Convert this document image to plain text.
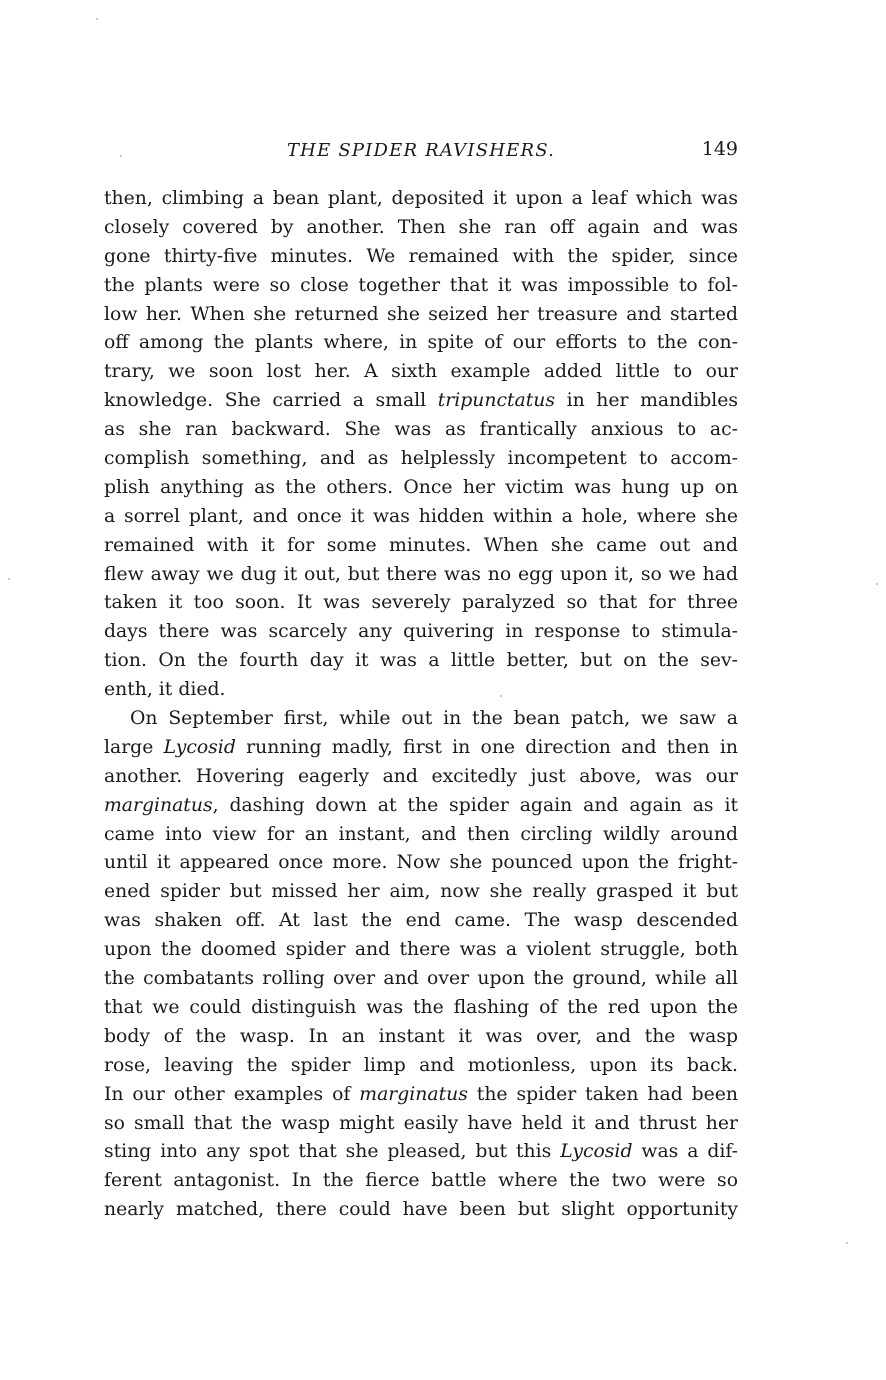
THE SPIDER RAVISHERS.	149
then, climbing a bean plant, deposited it upon a leaf which was
closely covered by another. Then she ran off again and was
gone thirty-five minutes. We remained with the spider, since
the plants were so close together that it was impossible to fol-
low her. When she returned she seized her treasure and started
off among the plants where, in spite of our efforts to the con-
trary, we soon lost her. A sixth example added little to our
knowledge. She carried a small tripunctatus in her mandibles
as she ran backward. She was as frantically anxious to ac-
complish something, and as helplessly incompetent to accom-
plish anything as the others. Once her victim was hung up on
a sorrel plant, and once it was hidden within a hole, where she
remained with it for some minutes. When she came out and
flew away we dug it out, but there was no egg upon it, so we had
taken it too soon. It was severely paralyzed so that for three
days there was scarcely any quivering in response to stimula-
tion. On the fourth day it was a little better, but on the sev-
enth, it died.
On September first, while out in the bean patch, we saw a
large Lycosid running madly, first in one direction and then in
another. Hovering eagerly and excitedly just above, was our
marginatus, dashing down at the spider again and again as it
came into view for an instant, and then circling wildly around
until it appeared once more. Now she pounced upon the fright-
ened spider but missed her aim, now she really grasped it but
was shaken off. At last the end came. The wasp descended
upon the doomed spider and there was a violent struggle, both
the combatants rolling over and over upon the ground, while all
that we could distinguish was the flashing of the red upon the
body of the wasp. In an instant it was over, and the wasp
rose, leaving the spider limp and motionless, upon its back.
In our other examples of marginatus the spider taken had been
so small that the wasp might easily have held it and thrust her
sting into any spot that she pleased, but this Lycosid was a dif-
ferent antagonist. In the fierce battle where the two were so
nearly matched, there could have been but slight opportunity
